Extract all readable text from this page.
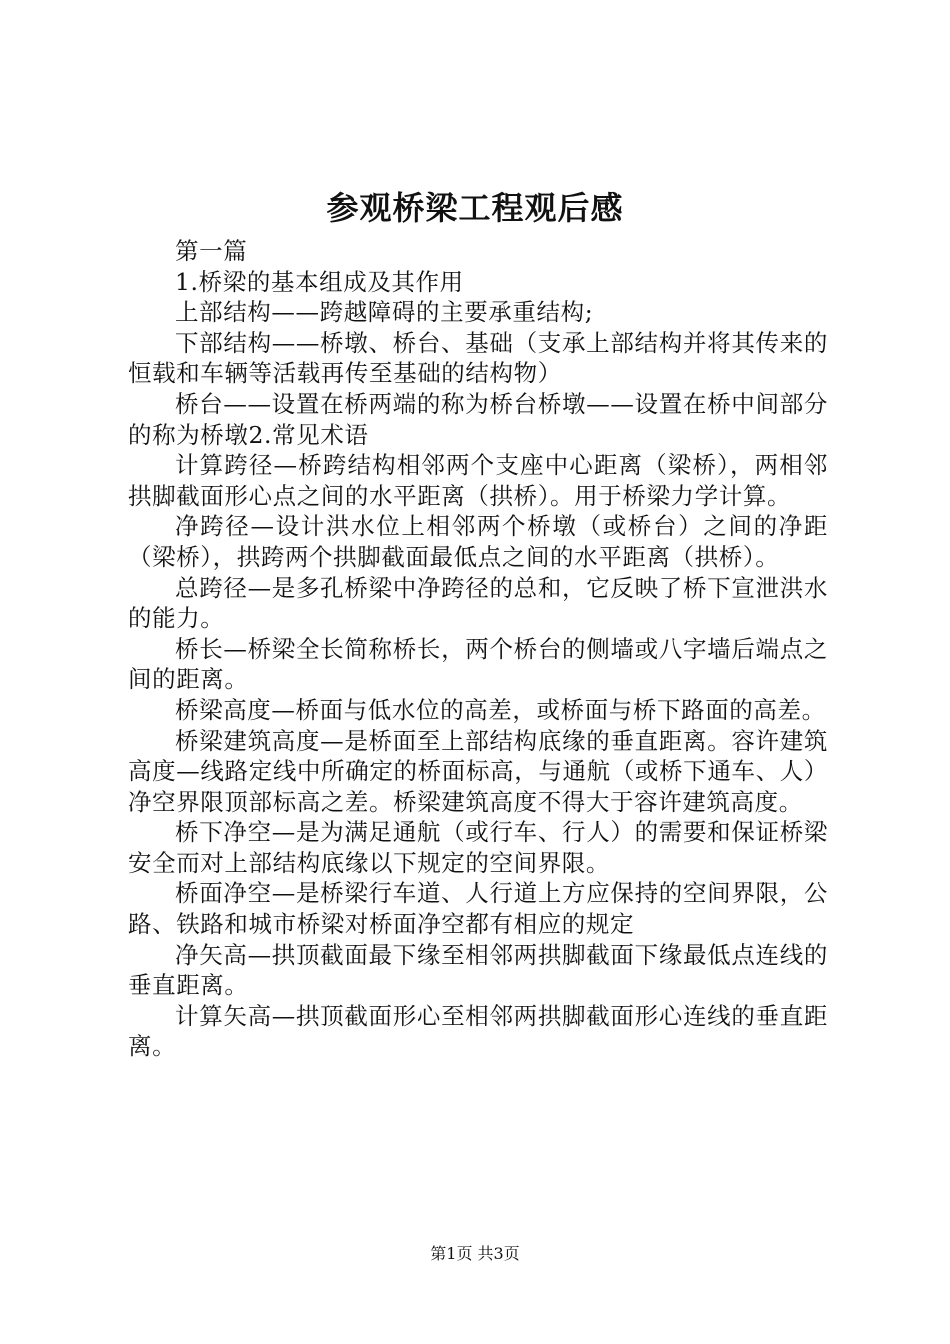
参观桥梁工程观后感

第一篇

1.桥梁的基本组成及其作用

上部结构——跨越障碍的主要承重结构;

下部结构——桥墩、桥台、基础（支承上部结构并将其传来的恒载和车辆等活载再传至基础的结构物）

桥台——设置在桥两端的称为桥台桥墩——设置在桥中间部分的称为桥墩2.常见术语

计算跨径—桥跨结构相邻两个支座中心距离（梁桥），两相邻拱脚截面形心点之间的水平距离（拱桥）。用于桥梁力学计算。

净跨径—设计洪水位上相邻两个桥墩（或桥台）之间的净距（梁桥），拱跨两个拱脚截面最低点之间的水平距离（拱桥）。

总跨径—是多孔桥梁中净跨径的总和，它反映了桥下宣泄洪水的能力。

桥长—桥梁全长简称桥长，两个桥台的侧墙或八字墙后端点之间的距离。

桥梁高度—桥面与低水位的高差，或桥面与桥下路面的高差。

桥梁建筑高度—是桥面至上部结构底缘的垂直距离。容许建筑高度—线路定线中所确定的桥面标高，与通航（或桥下通车、人）净空界限顶部标高之差。桥梁建筑高度不得大于容许建筑高度。

桥下净空—是为满足通航（或行车、行人）的需要和保证桥梁安全而对上部结构底缘以下规定的空间界限。

桥面净空—是桥梁行车道、人行道上方应保持的空间界限，公路、铁路和城市桥梁对桥面净空都有相应的规定

净矢高—拱顶截面最下缘至相邻两拱脚截面下缘最低点连线的垂直距离。

计算矢高—拱顶截面形心至相邻两拱脚截面形心连线的垂直距离。

第1页 共3页
